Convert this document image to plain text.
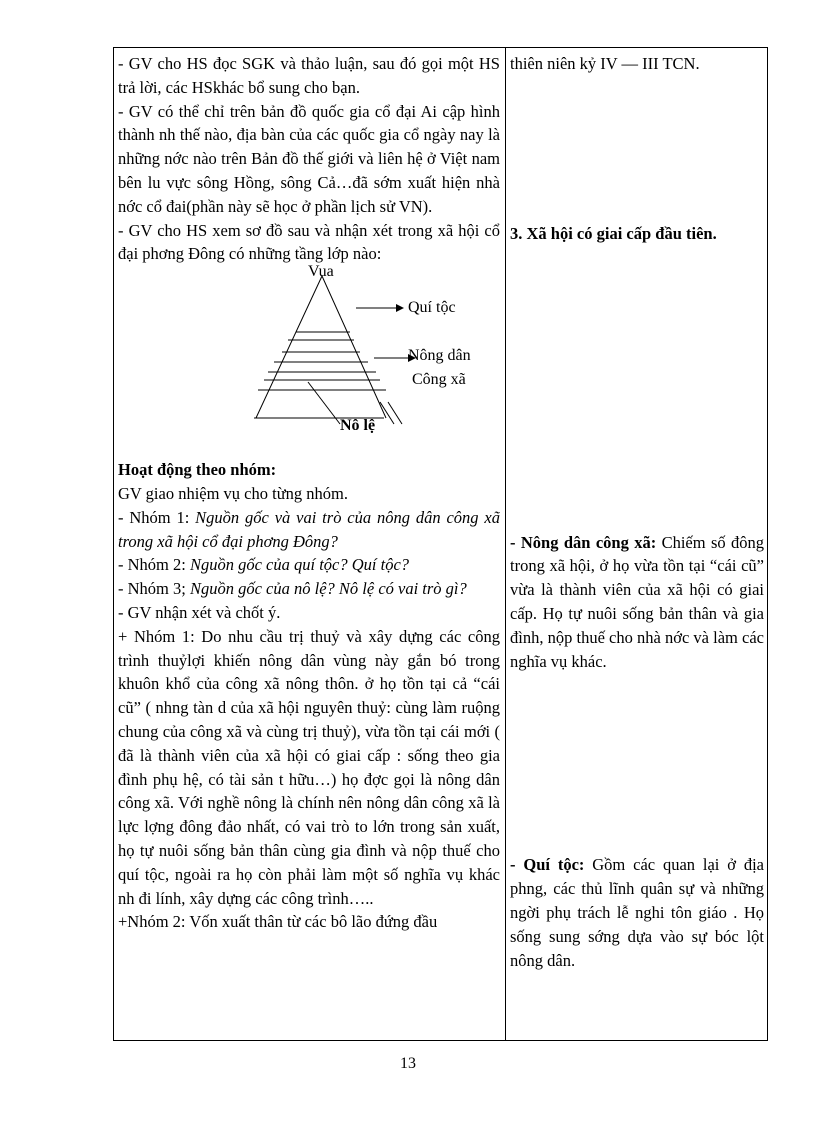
- GV cho HS đọc SGK và thảo luận, sau đó gọi một HS trả lời, các HSkhác bổ sung cho bạn.

- GV có thể chỉ trên bản đồ quốc gia cổ đại Ai cập hình thành nh thế nào, địa bàn của các quốc gia cổ ngày nay là những nớc nào trên Bản đồ thế giới và liên hệ ở Việt nam bên lu vực sông Hồng, sông Cả…đã sớm xuất hiện nhà nớc cổ đai(phần này sẽ học ở phần lịch sử VN).

- GV cho HS xem sơ đồ sau và nhận xét trong xã hội cổ đại phơng Đông có những tầng lớp nào:

Vua
Quí tộc
Nông dân
Công xã
Nô lệ

Hoạt động theo nhóm:

GV giao nhiệm vụ cho từng nhóm.

- Nhóm 1: Nguồn gốc và vai trò của nông dân công xã trong xã hội cổ đại phơng Đông?

- Nhóm 2: Nguồn gốc của quí tộc? Quí tộc?

- Nhóm 3; Nguồn gốc của nô lệ? Nô lệ có vai trò gì?

- GV nhận xét và chốt ý.

+ Nhóm 1: Do nhu cầu trị thuỷ và xây dựng các công trình thuỷlợi khiến nông dân vùng này gắn bó trong khuôn khổ của công xã nông thôn. ở họ tồn tại cả “cái cũ” ( nhng tàn d của xã hội nguyên thuỷ: cùng làm ruộng chung của công xã và cùng trị thuỷ), vừa tồn tại cái mới ( đã là thành viên của xã hội có giai cấp : sống theo gia đình phụ hệ, có tài sản t hữu…) họ đợc gọi là nông dân công xã. Với nghề nông là chính nên nông dân công xã là lực lợng đông đảo nhất, có vai trò to lớn trong sản xuất, họ tự nuôi sống bản thân cùng gia đình và nộp thuế cho quí tộc, ngoài ra họ còn phải làm một số nghĩa vụ khác nh đi lính, xây dựng các công trình…..

+Nhóm 2: Vốn xuất thân từ các bô lão đứng đầu

thiên niên kỷ IV — III TCN.

3. Xã hội có giai cấp đầu tiên.

- Nông dân công xã: Chiếm số đông trong xã hội, ở họ vừa tồn tại “cái cũ” vừa là thành viên của xã hội có giai cấp. Họ tự nuôi sống bản thân và gia đình, nộp thuế cho nhà nớc và làm các nghĩa vụ khác.

- Quí tộc: Gồm các quan lại ở địa phng, các thủ lĩnh quân sự và những ngời phụ trách lễ nghi tôn giáo . Họ sống sung sớng dựa vào sự bóc lột nông dân.

13
